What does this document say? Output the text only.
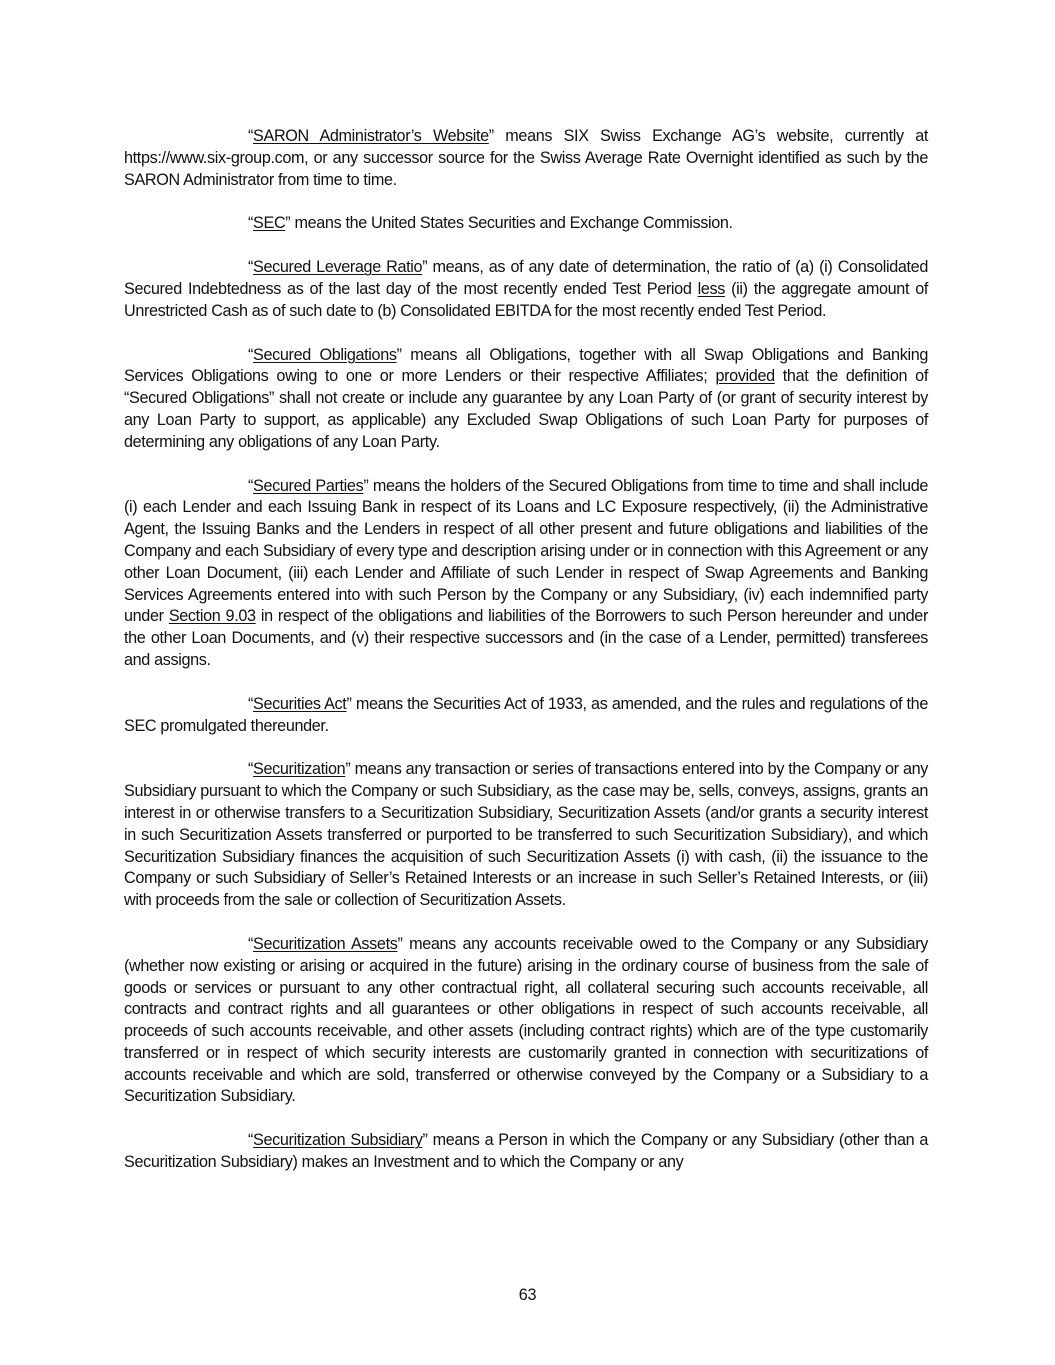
“SARON Administrator’s Website” means SIX Swiss Exchange AG’s website, currently at https://www.six-group.com, or any successor source for the Swiss Average Rate Overnight identified as such by the SARON Administrator from time to time.

“SEC” means the United States Securities and Exchange Commission.

“Secured Leverage Ratio” means, as of any date of determination, the ratio of (a) (i) Consolidated Secured Indebtedness as of the last day of the most recently ended Test Period less (ii) the aggregate amount of Unrestricted Cash as of such date to (b) Consolidated EBITDA for the most recently ended Test Period.

“Secured Obligations” means all Obligations, together with all Swap Obligations and Banking Services Obligations owing to one or more Lenders or their respective Affiliates; provided that the definition of “Secured Obligations” shall not create or include any guarantee by any Loan Party of (or grant of security interest by any Loan Party to support, as applicable) any Excluded Swap Obligations of such Loan Party for purposes of determining any obligations of any Loan Party.

“Secured Parties” means the holders of the Secured Obligations from time to time and shall include (i) each Lender and each Issuing Bank in respect of its Loans and LC Exposure respectively, (ii) the Administrative Agent, the Issuing Banks and the Lenders in respect of all other present and future obligations and liabilities of the Company and each Subsidiary of every type and description arising under or in connection with this Agreement or any other Loan Document, (iii) each Lender and Affiliate of such Lender in respect of Swap Agreements and Banking Services Agreements entered into with such Person by the Company or any Subsidiary, (iv) each indemnified party under Section 9.03 in respect of the obligations and liabilities of the Borrowers to such Person hereunder and under the other Loan Documents, and (v) their respective successors and (in the case of a Lender, permitted) transferees and assigns.

“Securities Act” means the Securities Act of 1933, as amended, and the rules and regulations of the SEC promulgated thereunder.

“Securitization” means any transaction or series of transactions entered into by the Company or any Subsidiary pursuant to which the Company or such Subsidiary, as the case may be, sells, conveys, assigns, grants an interest in or otherwise transfers to a Securitization Subsidiary, Securitization Assets (and/or grants a security interest in such Securitization Assets transferred or purported to be transferred to such Securitization Subsidiary), and which Securitization Subsidiary finances the acquisition of such Securitization Assets (i) with cash, (ii) the issuance to the Company or such Subsidiary of Seller’s Retained Interests or an increase in such Seller’s Retained Interests, or (iii) with proceeds from the sale or collection of Securitization Assets.

“Securitization Assets” means any accounts receivable owed to the Company or any Subsidiary (whether now existing or arising or acquired in the future) arising in the ordinary course of business from the sale of goods or services or pursuant to any other contractual right, all collateral securing such accounts receivable, all contracts and contract rights and all guarantees or other obligations in respect of such accounts receivable, all proceeds of such accounts receivable, and other assets (including contract rights) which are of the type customarily transferred or in respect of which security interests are customarily granted in connection with securitizations of accounts receivable and which are sold, transferred or otherwise conveyed by the Company or a Subsidiary to a Securitization Subsidiary.

“Securitization Subsidiary” means a Person in which the Company or any Subsidiary (other than a Securitization Subsidiary) makes an Investment and to which the Company or any

63
